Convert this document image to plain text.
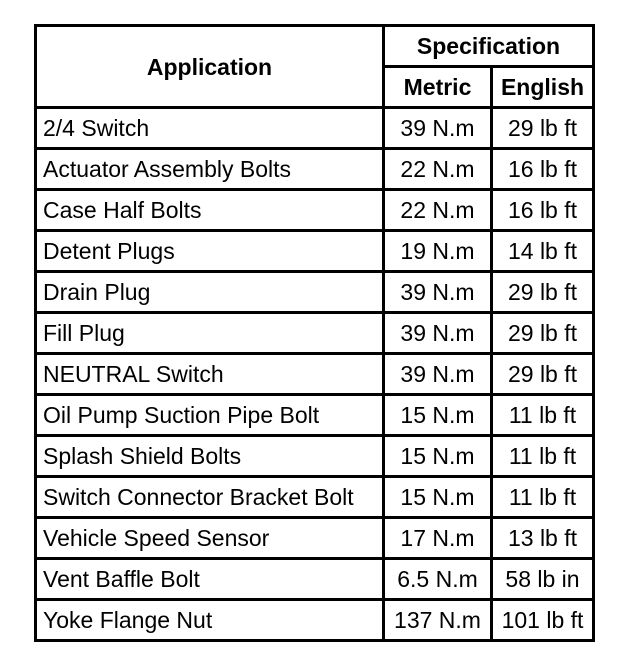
Application	Specification	
	Metric	English
2/4 Switch	39 N.m	29 lb ft
Actuator Assembly Bolts	22 N.m	16 lb ft
Case Half Bolts	22 N.m	16 lb ft
Detent Plugs	19 N.m	14 lb ft
Drain Plug	39 N.m	29 lb ft
Fill Plug	39 N.m	29 lb ft
NEUTRAL Switch	39 N.m	29 lb ft
Oil Pump Suction Pipe Bolt	15 N.m	11 lb ft
Splash Shield Bolts	15 N.m	11 lb ft
Switch Connector Bracket Bolt	15 N.m	11 lb ft
Vehicle Speed Sensor	17 N.m	13 lb ft
Vent Baffle Bolt	6.5 N.m	58 lb in
Yoke Flange Nut	137 N.m	101 lb ft
